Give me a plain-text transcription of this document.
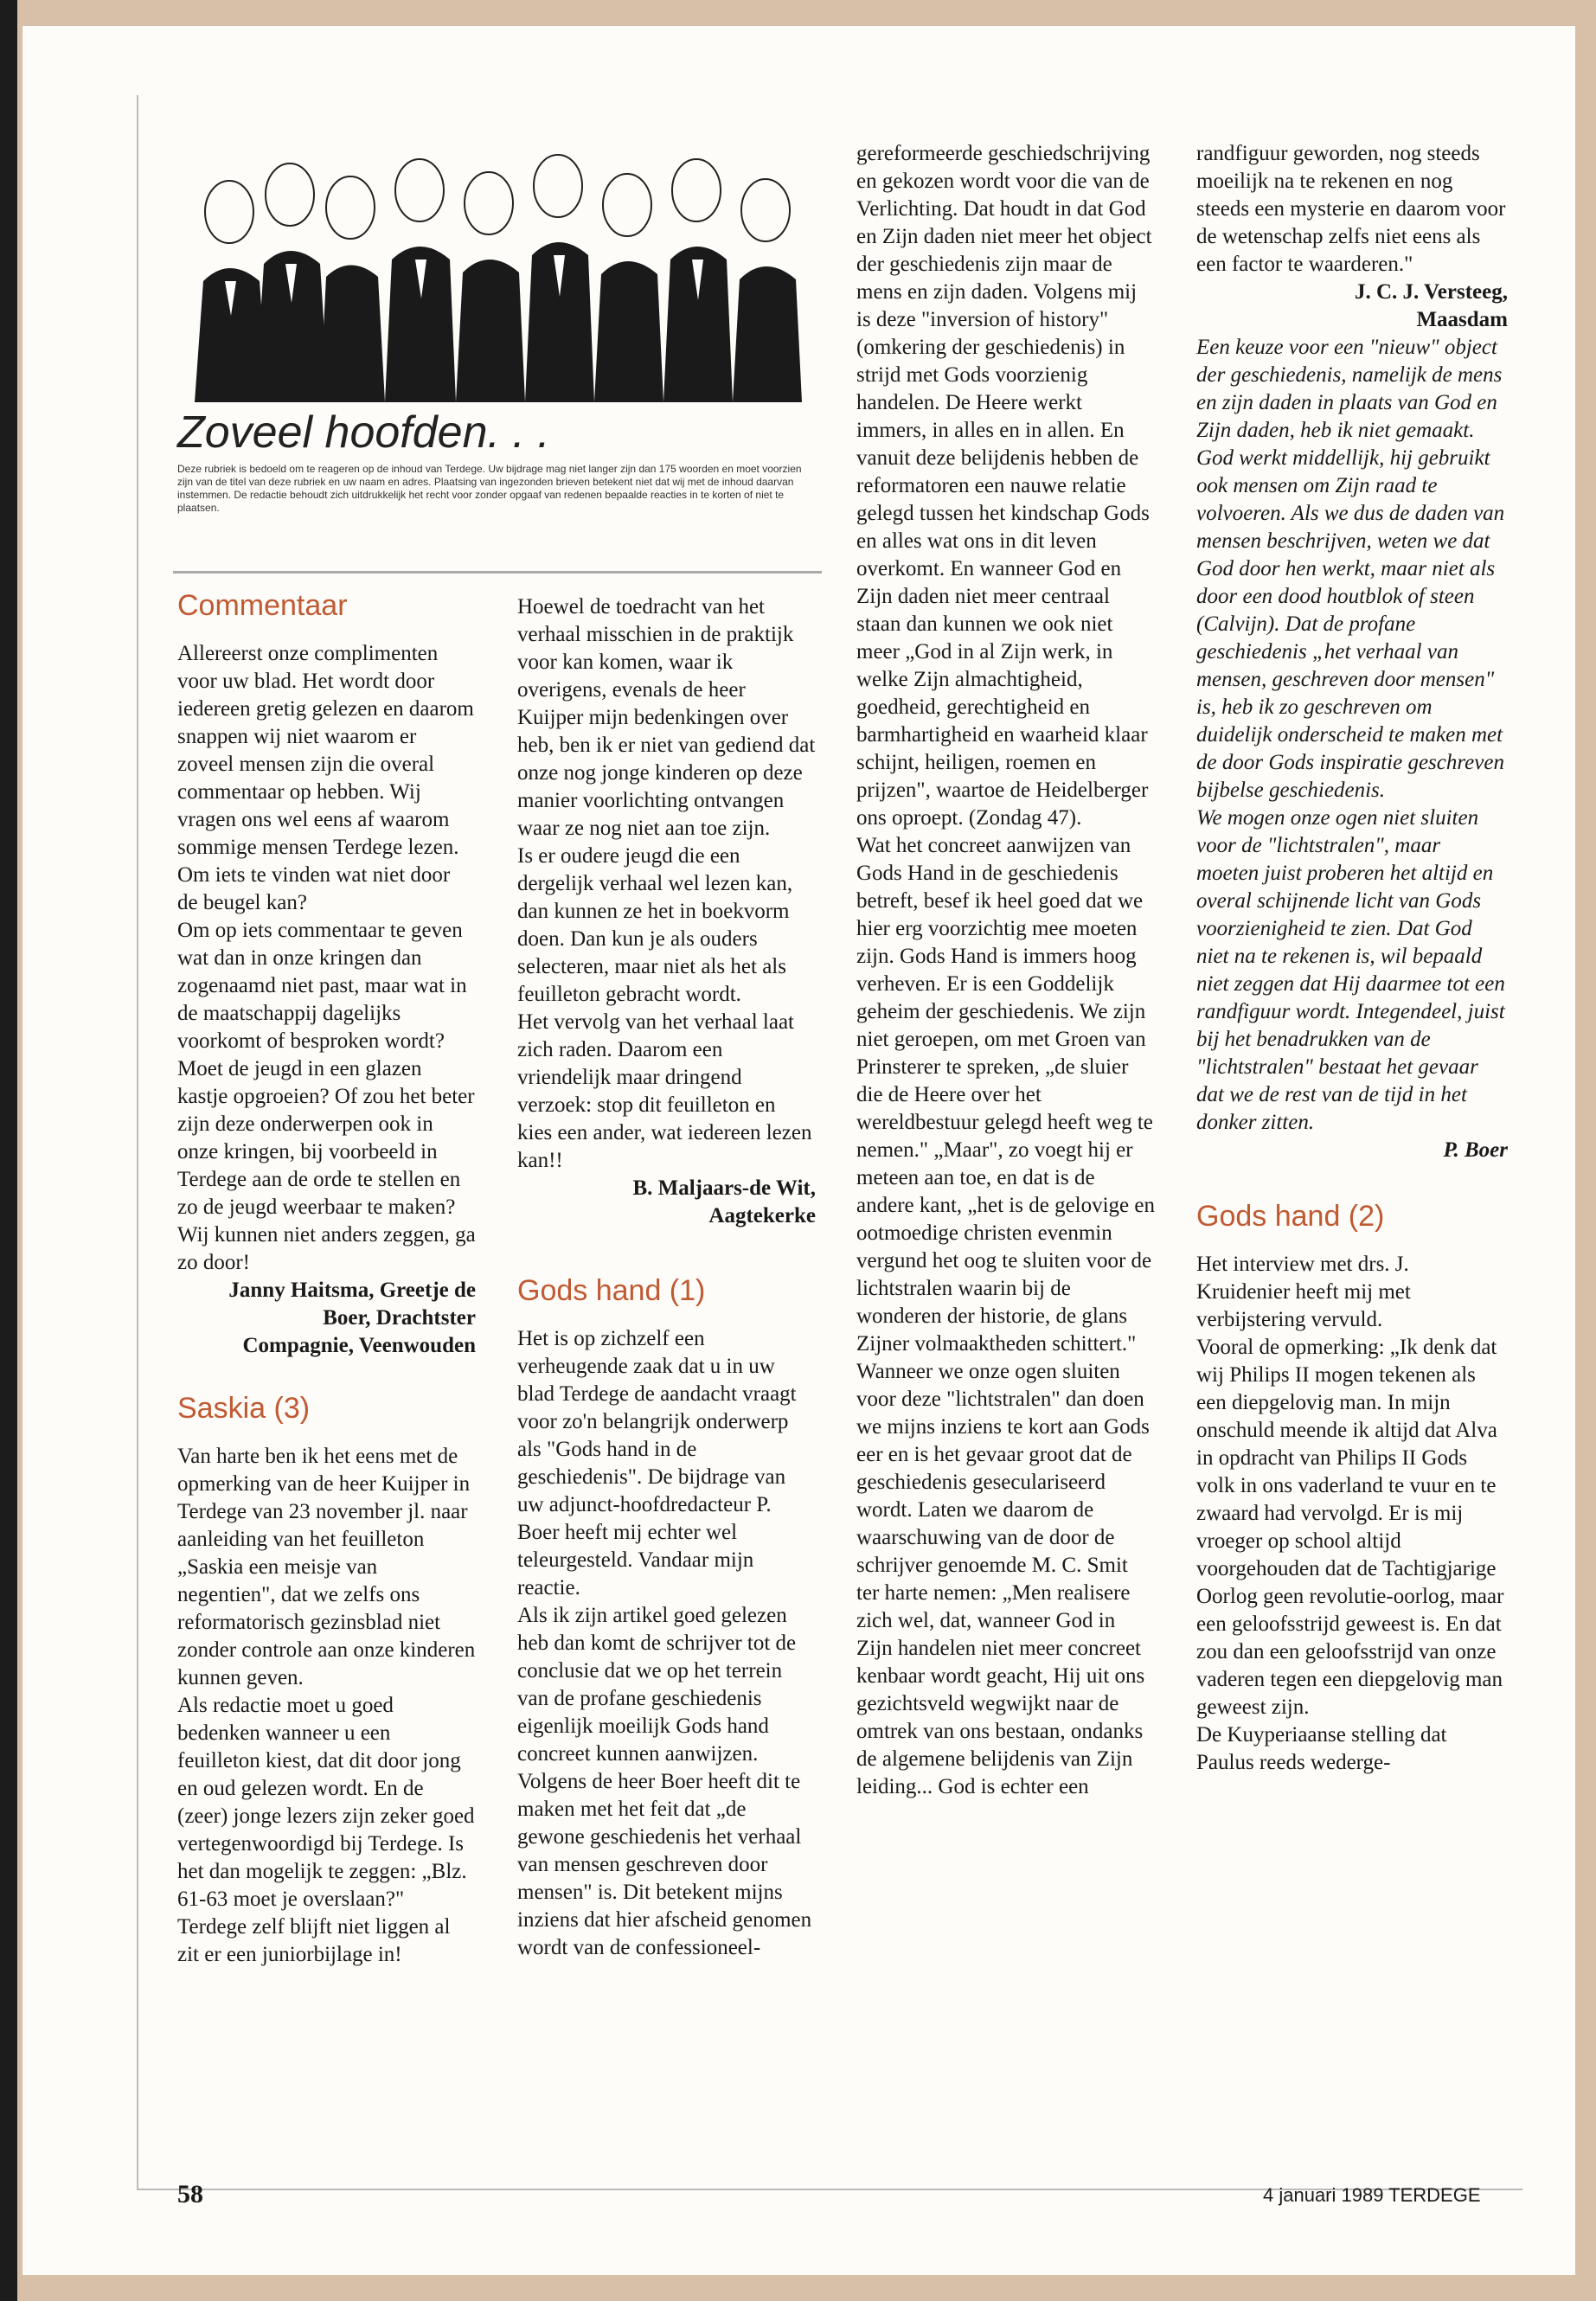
Zoveel hoofden. . .
Deze rubriek is bedoeld om te reageren op de inhoud van Terdege. Uw bijdrage mag niet langer zijn dan 175 woorden en moet voorzien zijn van de titel van deze rubriek en uw naam en adres. Plaatsing van ingezonden brieven betekent niet dat wij met de inhoud daarvan instemmen. De redactie behoudt zich uitdrukkelijk het recht voor zonder opgaaf van redenen bepaalde reacties in te korten of niet te plaatsen.
Commentaar

Allereerst onze complimenten voor uw blad. Het wordt door iedereen gretig gelezen en daarom snappen wij niet waarom er zoveel mensen zijn die overal commentaar op hebben. Wij vragen ons wel eens af waarom sommige mensen Terdege lezen. Om iets te vinden wat niet door de beugel kan?

Om op iets commentaar te geven wat dan in onze kringen dan zogenaamd niet past, maar wat in de maatschappij dagelijks voorkomt of besproken wordt?

Moet de jeugd in een glazen kastje opgroeien? Of zou het beter zijn deze onderwerpen ook in onze kringen, bij voorbeeld in Terdege aan de orde te stellen en zo de jeugd weerbaar te maken? Wij kunnen niet anders zeggen, ga zo door!

Janny Haitsma, Greetje de

Boer, Drachtster

Compagnie, Veenwouden

Saskia (3)

Van harte ben ik het eens met de opmerking van de heer Kuijper in Terdege van 23 november jl. naar aanleiding van het feuilleton „Saskia een meisje van negentien", dat we zelfs ons reformatorisch gezinsblad niet zonder controle aan onze kinderen kunnen geven.

Als redactie moet u goed bedenken wanneer u een feuilleton kiest, dat dit door jong en oud gelezen wordt. En de (zeer) jonge lezers zijn zeker goed vertegenwoordigd bij Terdege. Is het dan mogelijk te zeggen: „Blz. 61-63 moet je overslaan?" Terdege zelf blijft niet liggen al zit er een juniorbijlage in!

Hoewel de toedracht van het verhaal misschien in de praktijk voor kan komen, waar ik overigens, evenals de heer Kuijper mijn bedenkingen over heb, ben ik er niet van gediend dat onze nog jonge kinderen op deze manier voorlichting ontvangen waar ze nog niet aan toe zijn.

Is er oudere jeugd die een dergelijk verhaal wel lezen kan, dan kunnen ze het in boekvorm doen. Dan kun je als ouders selecteren, maar niet als het als feuilleton gebracht wordt.

Het vervolg van het verhaal laat zich raden. Daarom een vriendelijk maar dringend verzoek: stop dit feuilleton en kies een ander, wat iedereen lezen kan!!

B. Maljaars-de Wit,

Aagtekerke

Gods hand (1)

Het is op zichzelf een verheugende zaak dat u in uw blad Terdege de aandacht vraagt voor zo'n belangrijk onderwerp als "Gods hand in de geschiedenis". De bijdrage van uw adjunct-hoofdredacteur P. Boer heeft mij echter wel teleurgesteld. Vandaar mijn reactie.

Als ik zijn artikel goed gelezen heb dan komt de schrijver tot de conclusie dat we op het terrein van de profane geschiedenis eigenlijk moeilijk Gods hand concreet kunnen aanwijzen. Volgens de heer Boer heeft dit te maken met het feit dat „de gewone geschiedenis het verhaal van mensen geschreven door mensen" is. Dit betekent mijns inziens dat hier afscheid genomen wordt van de confessioneel-

gereformeerde geschiedschrijving en gekozen wordt voor die van de Verlichting. Dat houdt in dat God en Zijn daden niet meer het object der geschiedenis zijn maar de mens en zijn daden. Volgens mij is deze "inversion of history" (omkering der geschiedenis) in strijd met Gods voorzienig handelen. De Heere werkt immers, in alles en in allen. En vanuit deze belijdenis hebben de reformatoren een nauwe relatie gelegd tussen het kindschap Gods en alles wat ons in dit leven overkomt. En wanneer God en Zijn daden niet meer centraal staan dan kunnen we ook niet meer „God in al Zijn werk, in welke Zijn almachtigheid, goedheid, gerechtigheid en barmhartigheid en waarheid klaar schijnt, heiligen, roemen en prijzen", waartoe de Heidelberger ons oproept. (Zondag 47).

Wat het concreet aanwijzen van Gods Hand in de geschiedenis betreft, besef ik heel goed dat we hier erg voorzichtig mee moeten zijn. Gods Hand is immers hoog verheven. Er is een Goddelijk geheim der geschiedenis. We zijn niet geroepen, om met Groen van Prinsterer te spreken, „de sluier die de Heere over het wereldbestuur gelegd heeft weg te nemen." „Maar", zo voegt hij er meteen aan toe, en dat is de andere kant, „het is de gelovige en ootmoedige christen evenmin vergund het oog te sluiten voor de lichtstralen waarin bij de wonderen der historie, de glans Zijner volmaaktheden schittert." Wanneer we onze ogen sluiten voor deze "lichtstralen" dan doen we mijns inziens te kort aan Gods eer en is het gevaar groot dat de geschiedenis geseculariseerd wordt. Laten we daarom de waarschuwing van de door de schrijver genoemde M. C. Smit ter harte nemen: „Men realisere zich wel, dat, wanneer God in Zijn handelen niet meer concreet kenbaar wordt geacht, Hij uit ons gezichtsveld wegwijkt naar de omtrek van ons bestaan, ondanks de algemene belijdenis van Zijn leiding... God is echter een

randfiguur geworden, nog steeds moeilijk na te rekenen en nog steeds een mysterie en daarom voor de wetenschap zelfs niet eens als een factor te waarderen."

J. C. J. Versteeg,

Maasdam

Een keuze voor een "nieuw" object der geschiedenis, namelijk de mens en zijn daden in plaats van God en Zijn daden, heb ik niet gemaakt. God werkt middellijk, hij gebruikt ook mensen om Zijn raad te volvoeren. Als we dus de daden van mensen beschrijven, weten we dat God door hen werkt, maar niet als door een dood houtblok of steen (Calvijn). Dat de profane geschiedenis „het verhaal van mensen, geschreven door mensen" is, heb ik zo geschreven om duidelijk onderscheid te maken met de door Gods inspiratie geschreven bijbelse geschiedenis.

We mogen onze ogen niet sluiten voor de "lichtstralen", maar moeten juist proberen het altijd en overal schijnende licht van Gods voorzienigheid te zien. Dat God niet na te rekenen is, wil bepaald niet zeggen dat Hij daarmee tot een randfiguur wordt. Integendeel, juist bij het benadrukken van de "lichtstralen" bestaat het gevaar dat we de rest van de tijd in het donker zitten.

P. Boer

Gods hand (2)

Het interview met drs. J. Kruidenier heeft mij met verbijstering vervuld.

Vooral de opmerking: „Ik denk dat wij Philips II mogen tekenen als een diepgelovig man. In mijn onschuld meende ik altijd dat Alva in opdracht van Philips II Gods volk in ons vaderland te vuur en te zwaard had vervolgd. Er is mij vroeger op school altijd voorgehouden dat de Tachtigjarige Oorlog geen revolutie-oorlog, maar een geloofsstrijd geweest is. En dat zou dan een geloofsstrijd van onze vaderen tegen een diepgelovig man geweest zijn.

De Kuyperiaanse stelling dat Paulus reeds wederge-

58	4 januari 1989 TERDEGE
